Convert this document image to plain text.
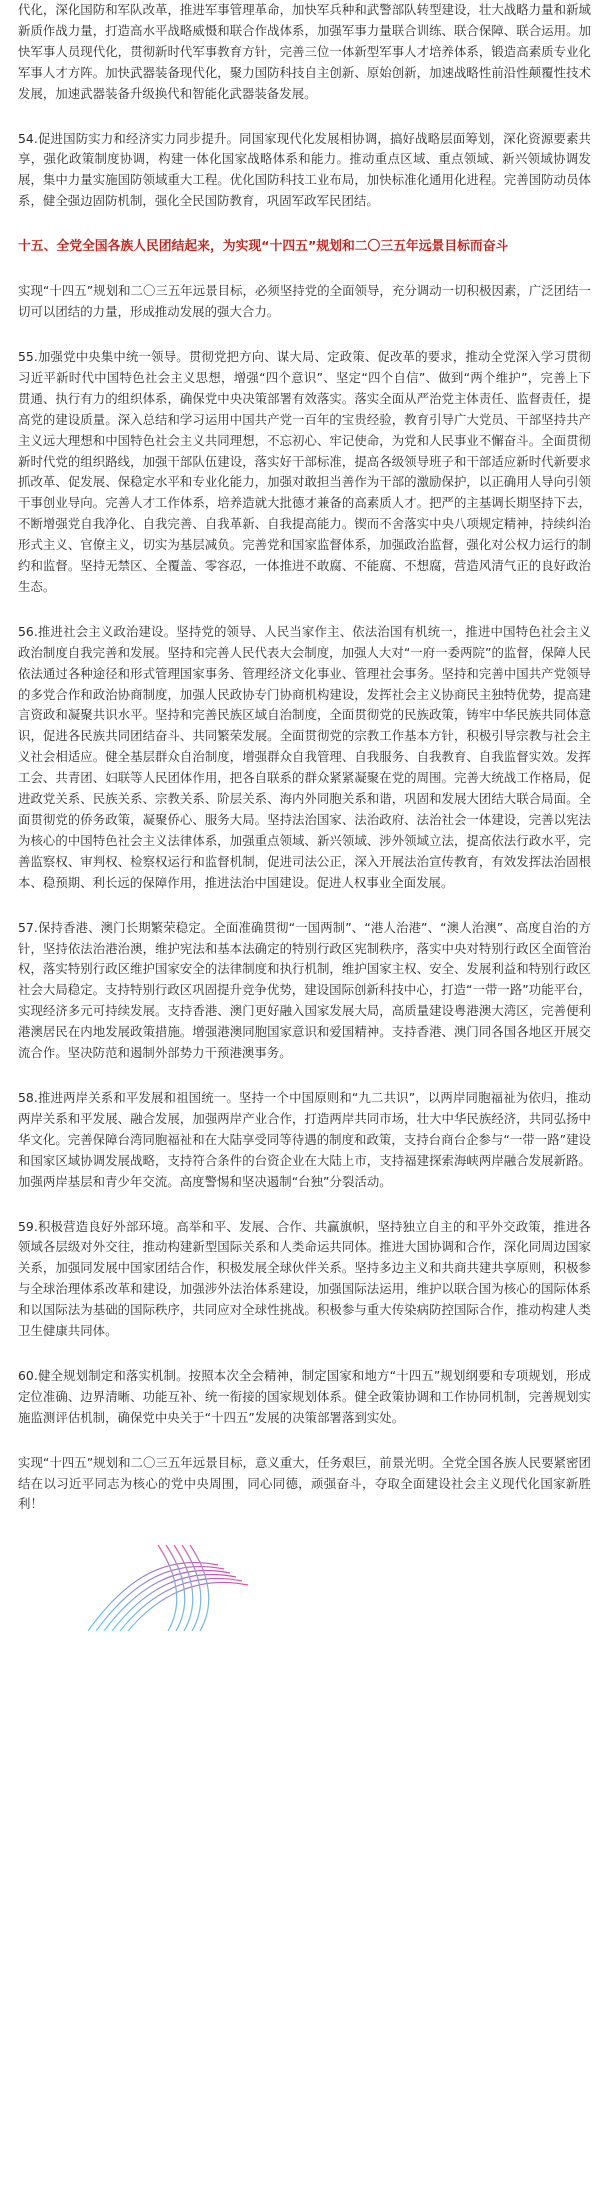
代化，深化国防和军队改革，推进军事管理革命，加快军兵种和武警部队转型建设，壮大战略力量和新域新质作战力量，打造高水平战略威慑和联合作战体系，加强军事力量联合训练、联合保障、联合运用。加快军事人员现代化，贯彻新时代军事教育方针，完善三位一体新型军事人才培养体系，锻造高素质专业化军事人才方阵。加快武器装备现代化，聚力国防科技自主创新、原始创新，加速战略性前沿性颠覆性技术发展，加速武器装备升级换代和智能化武器装备发展。

54.促进国防实力和经济实力同步提升。同国家现代化发展相协调，搞好战略层面筹划，深化资源要素共享，强化政策制度协调，构建一体化国家战略体系和能力。推动重点区域、重点领域、新兴领域协调发展，集中力量实施国防领域重大工程。优化国防科技工业布局，加快标准化通用化进程。完善国防动员体系，健全强边固防机制，强化全民国防教育，巩固军政军民团结。

十五、全党全国各族人民团结起来，为实现“十四五”规划和二〇三五年远景目标而奋斗

实现“十四五”规划和二〇三五年远景目标，必须坚持党的全面领导，充分调动一切积极因素，广泛团结一切可以团结的力量，形成推动发展的强大合力。

55.加强党中央集中统一领导。贯彻党把方向、谋大局、定政策、促改革的要求，推动全党深入学习贯彻习近平新时代中国特色社会主义思想，增强“四个意识”、坚定“四个自信”、做到“两个维护”，完善上下贯通、执行有力的组织体系，确保党中央决策部署有效落实。落实全面从严治党主体责任、监督责任，提高党的建设质量。深入总结和学习运用中国共产党一百年的宝贵经验，教育引导广大党员、干部坚持共产主义远大理想和中国特色社会主义共同理想，不忘初心、牢记使命，为党和人民事业不懈奋斗。全面贯彻新时代党的组织路线，加强干部队伍建设，落实好干部标准，提高各级领导班子和干部适应新时代新要求抓改革、促发展、保稳定水平和专业化能力，加强对敢担当善作为干部的激励保护，以正确用人导向引领干事创业导向。完善人才工作体系，培养造就大批德才兼备的高素质人才。把严的主基调长期坚持下去，不断增强党自我净化、自我完善、自我革新、自我提高能力。锲而不舍落实中央八项规定精神，持续纠治形式主义、官僚主义，切实为基层减负。完善党和国家监督体系，加强政治监督，强化对公权力运行的制约和监督。坚持无禁区、全覆盖、零容忍，一体推进不敢腐、不能腐、不想腐，营造风清气正的良好政治生态。

56.推进社会主义政治建设。坚持党的领导、人民当家作主、依法治国有机统一，推进中国特色社会主义政治制度自我完善和发展。坚持和完善人民代表大会制度，加强人大对“一府一委两院”的监督，保障人民依法通过各种途径和形式管理国家事务、管理经济文化事业、管理社会事务。坚持和完善中国共产党领导的多党合作和政治协商制度，加强人民政协专门协商机构建设，发挥社会主义协商民主独特优势，提高建言资政和凝聚共识水平。坚持和完善民族区域自治制度，全面贯彻党的民族政策，铸牢中华民族共同体意识，促进各民族共同团结奋斗、共同繁荣发展。全面贯彻党的宗教工作基本方针，积极引导宗教与社会主义社会相适应。健全基层群众自治制度，增强群众自我管理、自我服务、自我教育、自我监督实效。发挥工会、共青团、妇联等人民团体作用，把各自联系的群众紧紧凝聚在党的周围。完善大统战工作格局，促进政党关系、民族关系、宗教关系、阶层关系、海内外同胞关系和谐，巩固和发展大团结大联合局面。全面贯彻党的侨务政策，凝聚侨心、服务大局。坚持法治国家、法治政府、法治社会一体建设，完善以宪法为核心的中国特色社会主义法律体系，加强重点领域、新兴领域、涉外领域立法，提高依法行政水平，完善监察权、审判权、检察权运行和监督机制，促进司法公正，深入开展法治宣传教育，有效发挥法治固根本、稳预期、利长远的保障作用，推进法治中国建设。促进人权事业全面发展。

57.保持香港、澳门长期繁荣稳定。全面准确贯彻“一国两制”、“港人治港”、“澳人治澳”、高度自治的方针，坚持依法治港治澳，维护宪法和基本法确定的特别行政区宪制秩序，落实中央对特别行政区全面管治权，落实特别行政区维护国家安全的法律制度和执行机制，维护国家主权、安全、发展利益和特别行政区社会大局稳定。支持特别行政区巩固提升竞争优势，建设国际创新科技中心，打造“一带一路”功能平台，实现经济多元可持续发展。支持香港、澳门更好融入国家发展大局，高质量建设粤港澳大湾区，完善便利港澳居民在内地发展政策措施。增强港澳同胞国家意识和爱国精神。支持香港、澳门同各国各地区开展交流合作。坚决防范和遏制外部势力干预港澳事务。

58.推进两岸关系和平发展和祖国统一。坚持一个中国原则和“九二共识”，以两岸同胞福祉为依归，推动两岸关系和平发展、融合发展，加强两岸产业合作，打造两岸共同市场，壮大中华民族经济，共同弘扬中华文化。完善保障台湾同胞福祉和在大陆享受同等待遇的制度和政策，支持台商台企参与“一带一路”建设和国家区域协调发展战略，支持符合条件的台资企业在大陆上市，支持福建探索海峡两岸融合发展新路。加强两岸基层和青少年交流。高度警惕和坚决遏制“台独”分裂活动。

59.积极营造良好外部环境。高举和平、发展、合作、共赢旗帜，坚持独立自主的和平外交政策，推进各领域各层级对外交往，推动构建新型国际关系和人类命运共同体。推进大国协调和合作，深化同周边国家关系，加强同发展中国家团结合作，积极发展全球伙伴关系。坚持多边主义和共商共建共享原则，积极参与全球治理体系改革和建设，加强涉外法治体系建设，加强国际法运用，维护以联合国为核心的国际体系和以国际法为基础的国际秩序，共同应对全球性挑战。积极参与重大传染病防控国际合作，推动构建人类卫生健康共同体。

60.健全规划制定和落实机制。按照本次全会精神，制定国家和地方“十四五”规划纲要和专项规划，形成定位准确、边界清晰、功能互补、统一衔接的国家规划体系。健全政策协调和工作协同机制，完善规划实施监测评估机制，确保党中央关于“十四五”发展的决策部署落到实处。

实现“十四五”规划和二〇三五年远景目标，意义重大，任务艰巨，前景光明。全党全国各族人民要紧密团结在以习近平同志为核心的党中央周围，同心同德，顽强奋斗，夺取全面建设社会主义现代化国家新胜利！
